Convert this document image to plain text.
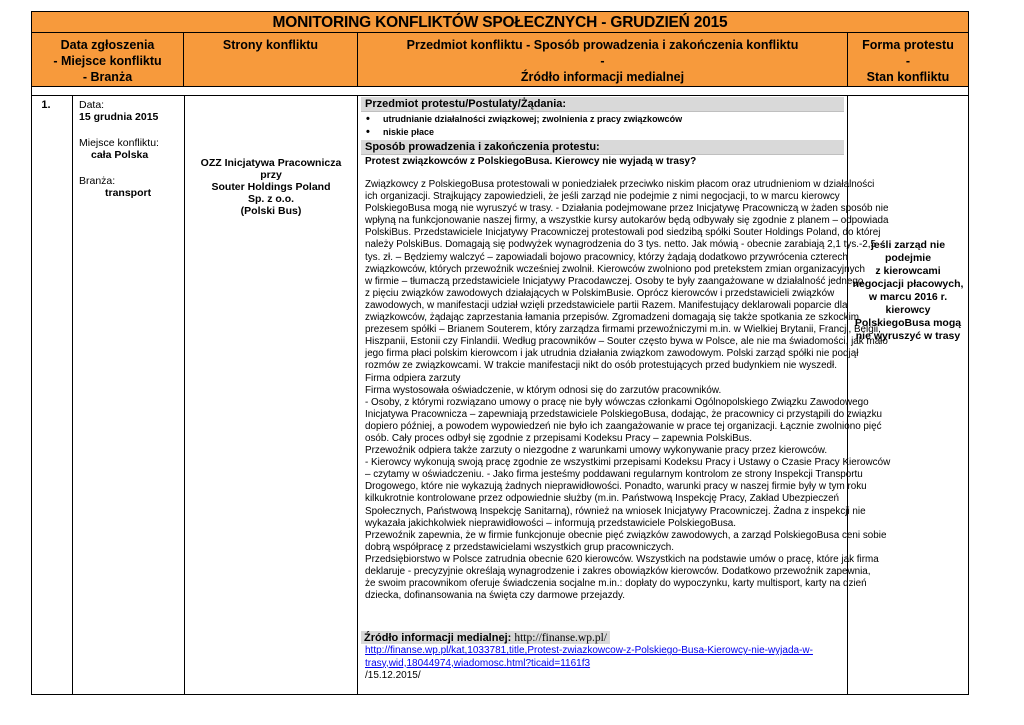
MONITORING KONFLIKTÓW SPOŁECZNYCH - GRUDZIEŃ 2015
Data zgłoszenia
- Miejsce konfliktu
- Branża
Strony konfliktu	Przedmiot konfliktu - Sposób prowadzenia i zakończenia konfliktu
-
Źródło informacji medialnej
Forma protestu
-
Stan konfliktu
1.	Data:
15 grudnia 2015
Miejsce konfliktu:
cała Polska
Branża:
transport
OZZ Inicjatywa Pracownicza
przy
Souter Holdings Poland
Sp. z o.o.
(Polski Bus)
Przedmiot protestu/Postulaty/Żądania:
• utrudnianie działalności związkowej; zwolnienia z pracy związkowców
• niskie płace
Sposób prowadzenia i zakończenia protestu:
Protest związkowców z PolskiegoBusa. Kierowcy nie wyjadą w trasy?
Związkowcy z PolskiegoBusa protestowali w poniedziałek przeciwko niskim płacom oraz utrudnieniom w działalności
ich organizacji. Strajkujący zapowiedzieli, że jeśli zarząd nie podejmie z nimi negocjacji, to w marcu kierowcy
PolskiegoBusa mogą nie wyruszyć w trasy. - Działania podejmowane przez Inicjatywę Pracowniczą w żaden sposób nie
wpłyną na funkcjonowanie naszej firmy, a wszystkie kursy autokarów będą odbywały się zgodnie z planem – odpowiada
PolskiBus. Przedstawiciele Inicjatywy Pracowniczej protestowali pod siedzibą spółki Souter Holdings Poland, do której
należy PolskiBus. Domagają się podwyżek wynagrodzenia do 3 tys. netto. Jak mówią - obecnie zarabiają 2,1 tys.-2,5
tys. zł. – Będziemy walczyć – zapowiadali bojowo pracownicy, którzy żądają dodatkowo przywrócenia czterech
związkowców, których przewoźnik wcześniej zwolnił. Kierowców zwolniono pod pretekstem zmian organizacyjnych
w firmie – tłumaczą przedstawiciele Inicjatywy Pracodawczej. Osoby te były zaangażowane w działalność jednego
z pięciu związków zawodowych działających w PolskimBusie. Oprócz kierowców i przedstawicieli związków
zawodowych, w manifestacji udział wzięli przedstawiciele partii Razem. Manifestujący deklarowali poparcie dla
związkowców, żądając zaprzestania łamania przepisów. Zgromadzeni domagają się także spotkania ze szkockim
prezesem spółki – Brianem Souterem, który zarządza firmami przewoźniczymi m.in. w Wielkiej Brytanii, Francji, Belgii,
Hiszpanii, Estonii czy Finlandii. Według pracowników – Souter często bywa w Polsce, ale nie ma świadomości, jak mało
jego firma płaci polskim kierowcom i jak utrudnia działania związkom zawodowym. Polski zarząd spółki nie podjął
rozmów ze związkowcami. W trakcie manifestacji nikt do osób protestujących przed budynkiem nie wyszedł.
Firma odpiera zarzuty
Firma wystosowała oświadczenie, w którym odnosi się do zarzutów pracowników.
- Osoby, z którymi rozwiązano umowy o pracę nie były wówczas członkami Ogólnopolskiego Związku Zawodowego
Inicjatywa Pracownicza – zapewniają przedstawiciele PolskiegoBusa, dodając, że pracownicy ci przystąpili do związku
dopiero później, a powodem wypowiedzeń nie było ich zaangażowanie w prace tej organizacji. Łącznie zwolniono pięć
osób. Cały proces odbył się zgodnie z przepisami Kodeksu Pracy – zapewnia PolskiBus.
Przewoźnik odpiera także zarzuty o niezgodne z warunkami umowy wykonywanie pracy przez kierowców.
- Kierowcy wykonują swoją pracę zgodnie ze wszystkimi przepisami Kodeksu Pracy i Ustawy o Czasie Pracy Kierowców
– czytamy w oświadczeniu. - Jako firma jesteśmy poddawani regularnym kontrolom ze strony Inspekcji Transportu
Drogowego, które nie wykazują żadnych nieprawidłowości. Ponadto, warunki pracy w naszej firmie były w tym roku
kilkukrotnie kontrolowane przez odpowiednie służby (m.in. Państwową Inspekcję Pracy, Zakład Ubezpieczeń
Społecznych, Państwową Inspekcję Sanitarną), również na wniosek Inicjatywy Pracowniczej. Żadna z inspekcji nie
wykazała jakichkolwiek nieprawidłowości – informują przedstawiciele PolskiegoBusa.
Przewoźnik zapewnia, że w firmie funkcjonuje obecnie pięć związków zawodowych, a zarząd PolskiegoBusa ceni sobie
dobrą współpracę z przedstawicielami wszystkich grup pracowniczych.
Przedsiębiorstwo w Polsce zatrudnia obecnie 620 kierowców. Wszystkich na podstawie umów o pracę, które jak firma
deklaruje - precyzyjnie określają wynagrodzenie i zakres obowiązków kierowców. Dodatkowo przewoźnik zapewnia,
że swoim pracownikom oferuje świadczenia socjalne m.in.: dopłaty do wypoczynku, karty multisport, karty na dzień
dziecka, dofinansowania na święta czy darmowe przejazdy.
Źródło informacji medialnej: http://finanse.wp.pl/
http://finanse.wp.pl/kat,1033781,title,Protest-zwiazkowcow-z-Polskiego-Busa-Kierowcy-nie-wyjada-w-
trasy,wid,18044974,wiadomosc.html?ticaid=1161f3
/15.12.2015/
jeśli zarząd nie
podejmie
z kierowcami
negocjacji płacowych,
w marcu 2016 r.
kierowcy
PolskiegoBusa mogą
nie wyruszyć w trasy
